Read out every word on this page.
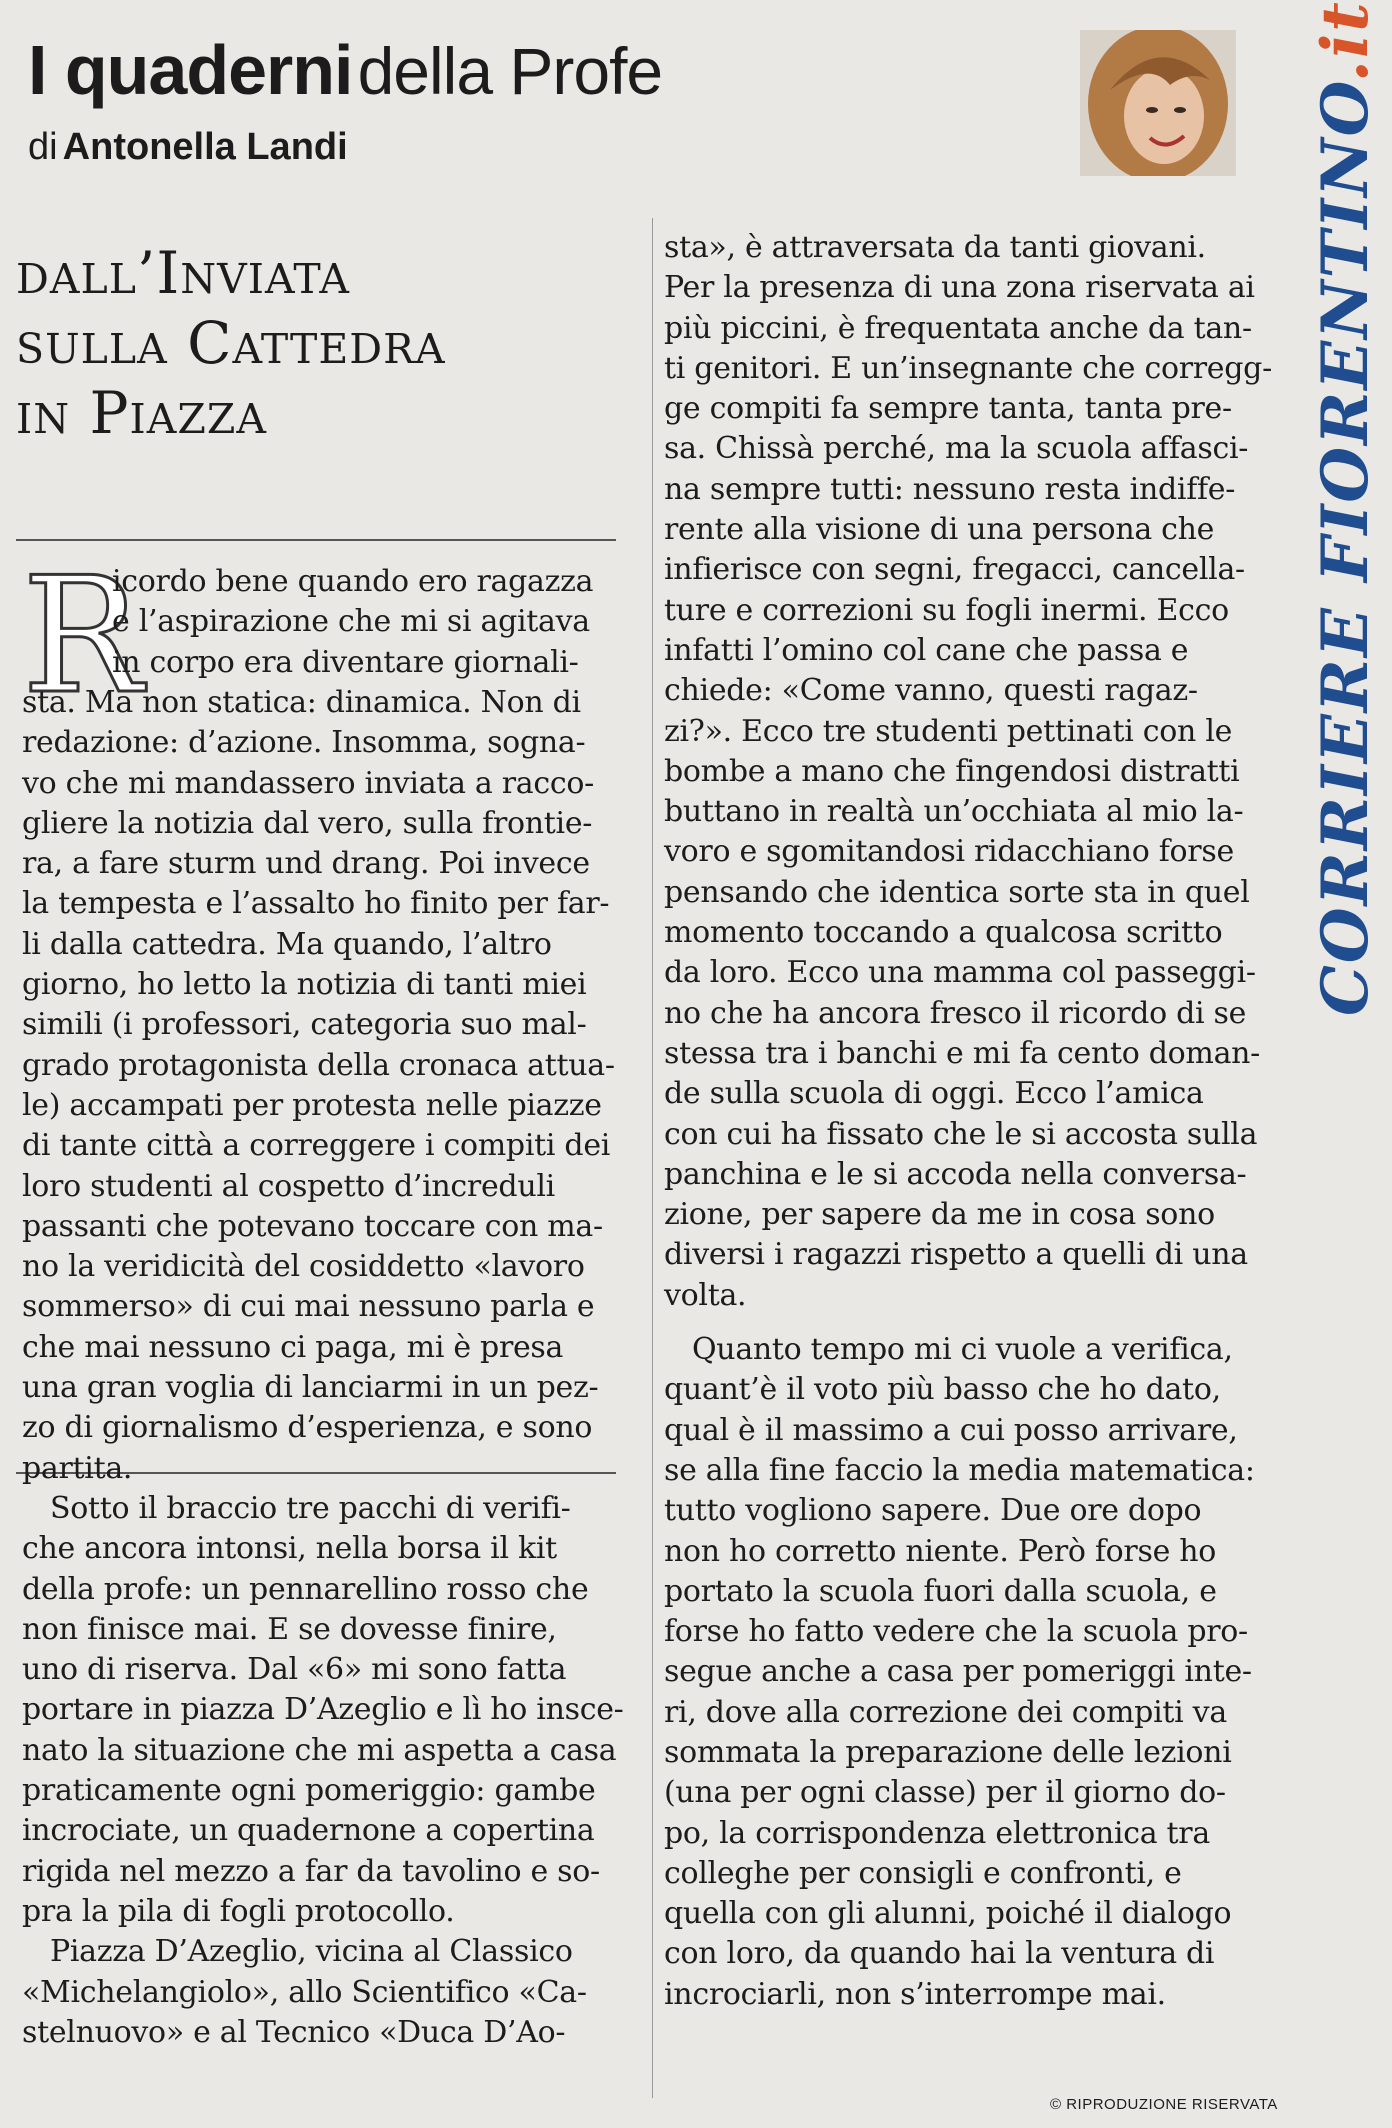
I quaderni della Profe
di Antonella Landi	CORRIERE FIORENTINO.it
dall’Inviata
sulla Cattedra
in Piazza
R
icordo bene quando ero ragazza
e l’aspirazione che mi si agitava
in corpo era diventare giornali-
sta. Ma non statica: dinamica. Non di
redazione: d’azione. Insomma, sogna-
vo che mi mandassero inviata a racco-
gliere la notizia dal vero, sulla frontie-
ra, a fare sturm und drang. Poi invece
la tempesta e l’assalto ho finito per far-
li dalla cattedra. Ma quando, l’altro
giorno, ho letto la notizia di tanti miei
simili (i professori, categoria suo mal-
grado protagonista della cronaca attua-
le) accampati per protesta nelle piazze
di tante città a correggere i compiti dei
loro studenti al cospetto d’increduli
passanti che potevano toccare con ma-
no la veridicità del cosiddetto «lavoro
sommerso» di cui mai nessuno parla e
che mai nessuno ci paga, mi è presa
una gran voglia di lanciarmi in un pez-
zo di giornalismo d’esperienza, e sono
partita.
Sotto il braccio tre pacchi di verifi-
che ancora intonsi, nella borsa il kit
della profe: un pennarellino rosso che
non finisce mai. E se dovesse finire,
uno di riserva. Dal «6» mi sono fatta
portare in piazza D’Azeglio e lì ho insce-
nato la situazione che mi aspetta a casa
praticamente ogni pomeriggio: gambe
incrociate, un quadernone a copertina
rigida nel mezzo a far da tavolino e so-
pra la pila di fogli protocollo.
Piazza D’Azeglio, vicina al Classico
«Michelangiolo», allo Scientifico «Ca-
stelnuovo» e al Tecnico «Duca D’Ao-
sta», è attraversata da tanti giovani.
Per la presenza di una zona riservata ai
più piccini, è frequentata anche da tan-
ti genitori. E un’insegnante che corregg-
ge compiti fa sempre tanta, tanta pre-
sa. Chissà perché, ma la scuola affasci-
na sempre tutti: nessuno resta indiffe-
rente alla visione di una persona che
infierisce con segni, fregacci, cancella-
ture e correzioni su fogli inermi. Ecco
infatti l’omino col cane che passa e
chiede: «Come vanno, questi ragaz-
zi?». Ecco tre studenti pettinati con le
bombe a mano che fingendosi distratti
buttano in realtà un’occhiata al mio la-
voro e sgomitandosi ridacchiano forse
pensando che identica sorte sta in quel
momento toccando a qualcosa scritto
da loro. Ecco una mamma col passeggi-
no che ha ancora fresco il ricordo di se
stessa tra i banchi e mi fa cento doman-
de sulla scuola di oggi. Ecco l’amica
con cui ha fissato che le si accosta sulla
panchina e le si accoda nella conversa-
zione, per sapere da me in cosa sono
diversi i ragazzi rispetto a quelli di una
volta.
Quanto tempo mi ci vuole a verifica,
quant’è il voto più basso che ho dato,
qual è il massimo a cui posso arrivare,
se alla fine faccio la media matematica:
tutto vogliono sapere. Due ore dopo
non ho corretto niente. Però forse ho
portato la scuola fuori dalla scuola, e
forse ho fatto vedere che la scuola pro-
segue anche a casa per pomeriggi inte-
ri, dove alla correzione dei compiti va
sommata la preparazione delle lezioni
(una per ogni classe) per il giorno do-
po, la corrispondenza elettronica tra
colleghe per consigli e confronti, e
quella con gli alunni, poiché il dialogo
con loro, da quando hai la ventura di
incrociarli, non s’interrompe mai.
© RIPRODUZIONE RISERVATA
